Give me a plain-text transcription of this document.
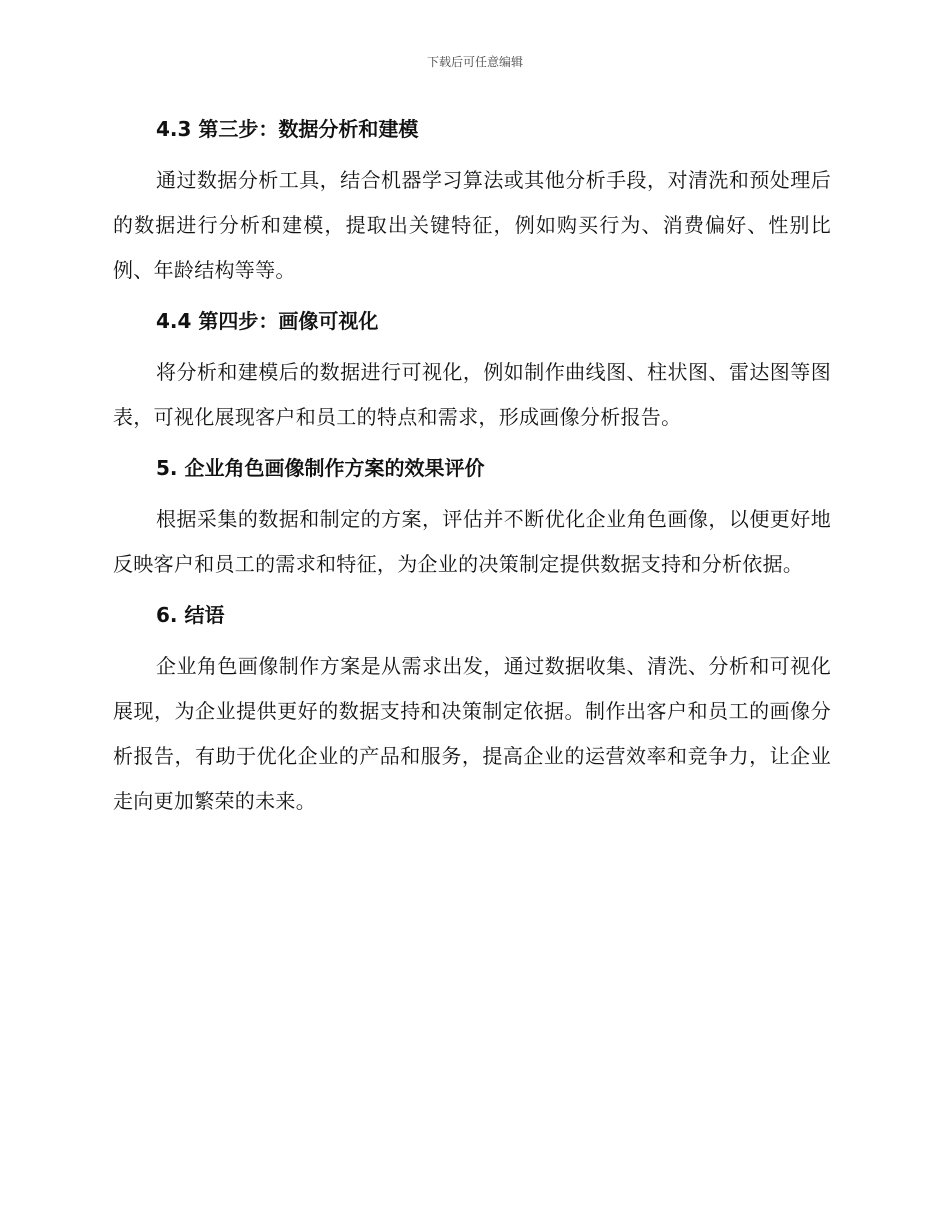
下载后可任意编辑
4.3 第三步：数据分析和建模

通过数据分析工具，结合机器学习算法或其他分析手段，对清洗和预处理后的数据进行分析和建模，提取出关键特征，例如购买行为、消费偏好、性别比例、年龄结构等等。

4.4 第四步：画像可视化

将分析和建模后的数据进行可视化，例如制作曲线图、柱状图、雷达图等图表，可视化展现客户和员工的特点和需求，形成画像分析报告。

5. 企业角色画像制作方案的效果评价

根据采集的数据和制定的方案，评估并不断优化企业角色画像，以便更好地反映客户和员工的需求和特征，为企业的决策制定提供数据支持和分析依据。

6. 结语

企业角色画像制作方案是从需求出发，通过数据收集、清洗、分析和可视化展现，为企业提供更好的数据支持和决策制定依据。制作出客户和员工的画像分析报告，有助于优化企业的产品和服务，提高企业的运营效率和竞争力，让企业走向更加繁荣的未来。
